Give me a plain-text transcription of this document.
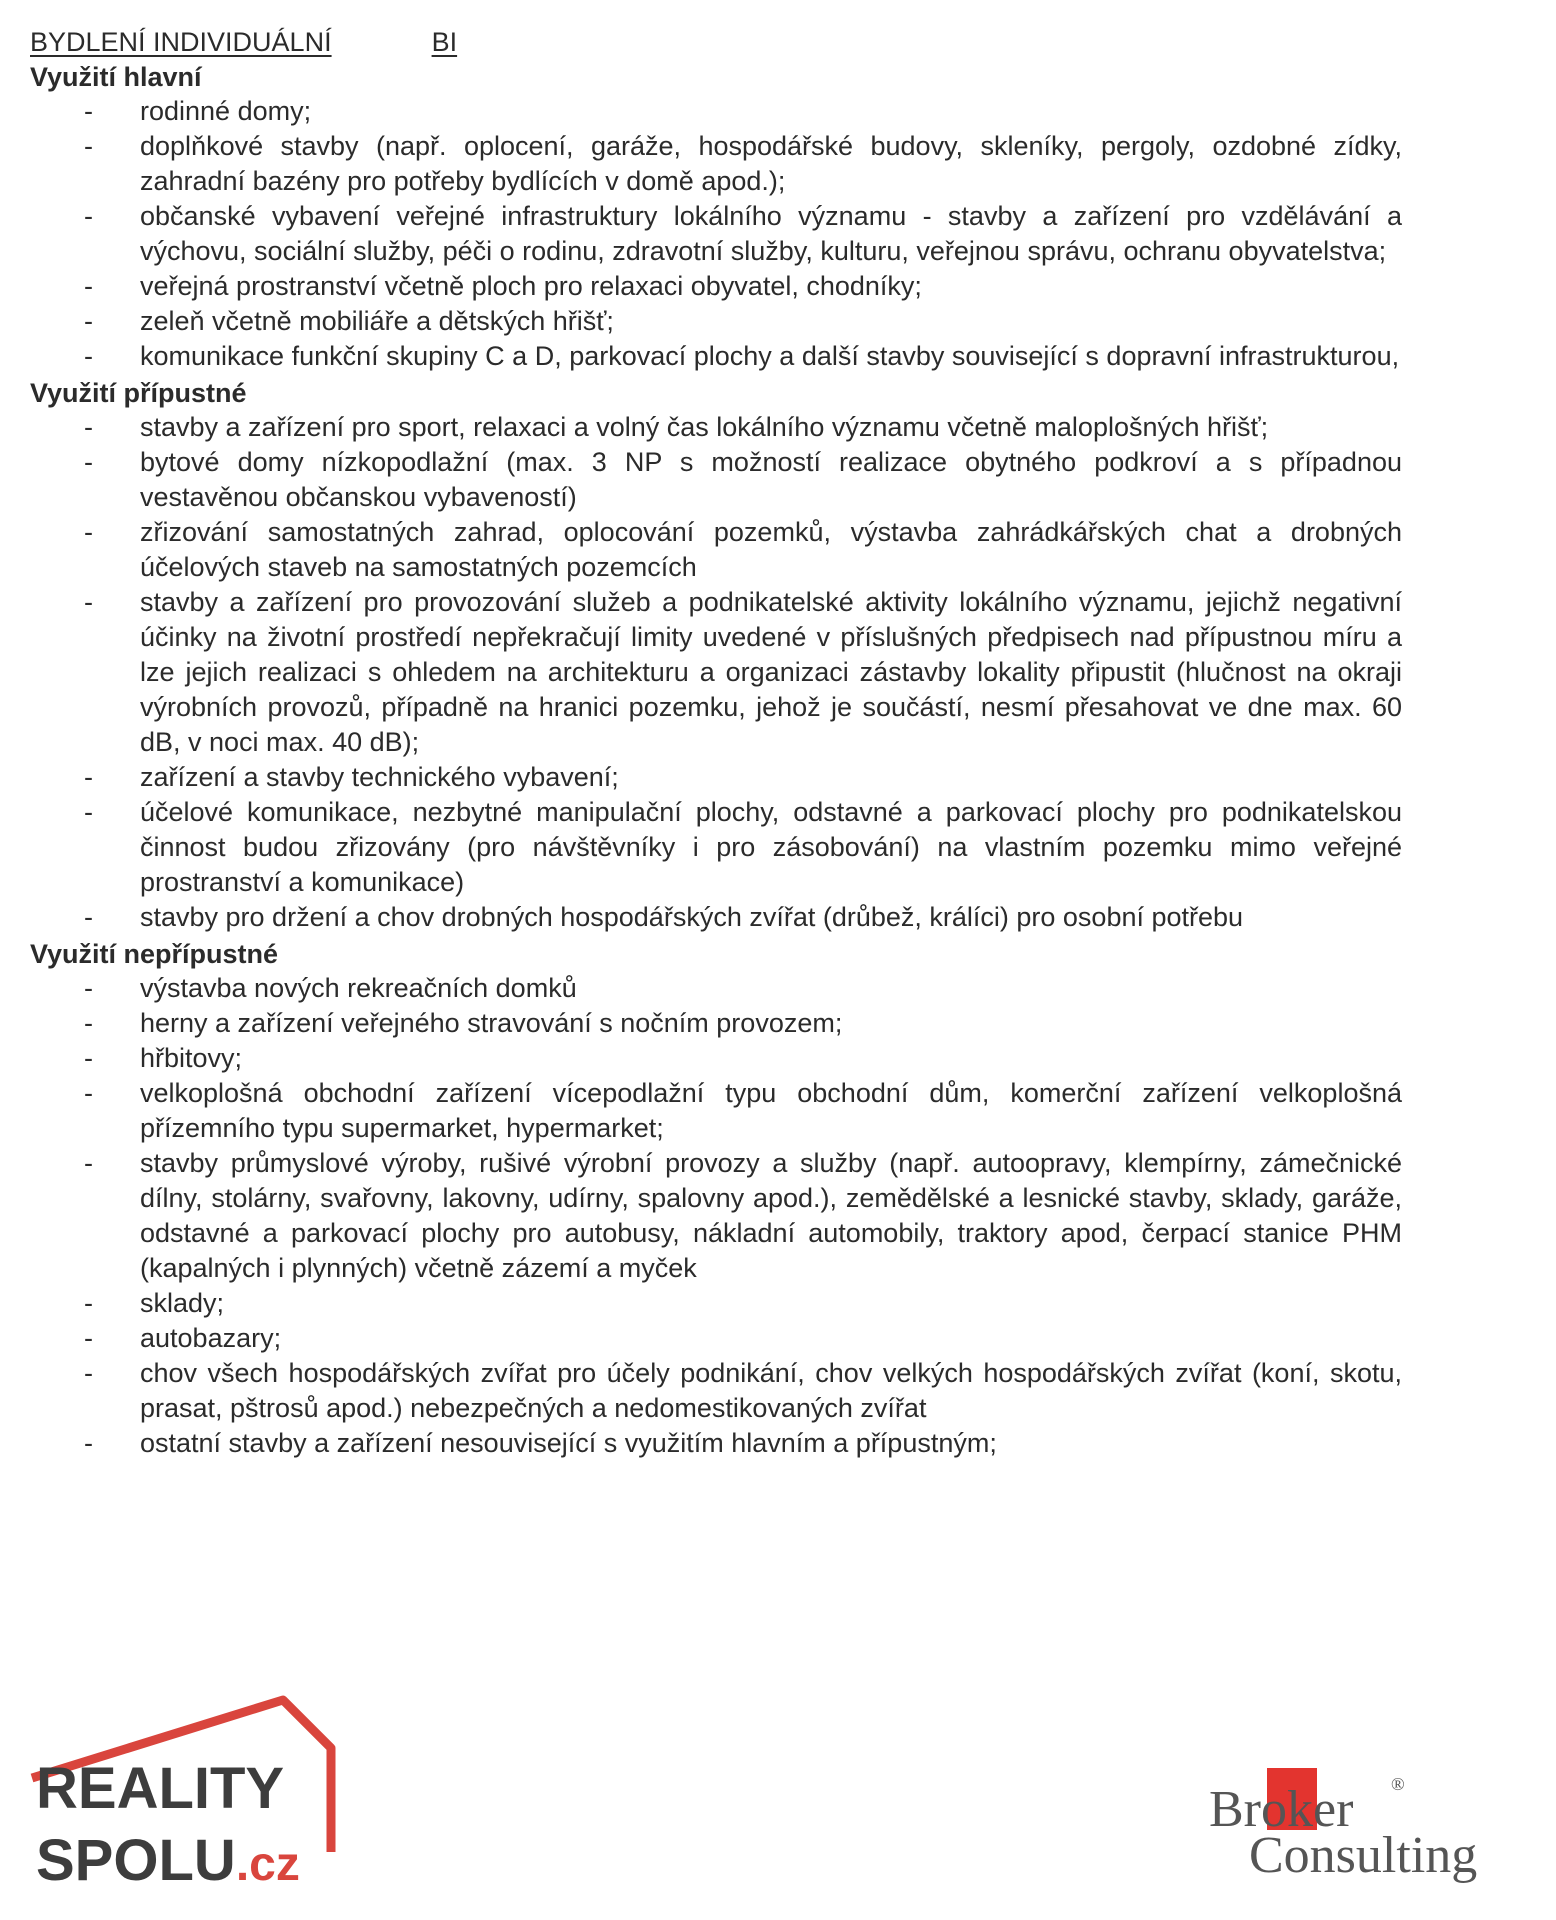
BYDLENÍ INDIVIDUÁLNÍ	BI
Využití hlavní
- rodinné domy;
- doplňkové stavby (např. oplocení, garáže, hospodářské budovy, skleníky, pergoly, ozdobné zídky, zahradní bazény pro potřeby bydlících v domě apod.);
- občanské vybavení veřejné infrastruktury lokálního významu - stavby a zařízení pro vzdělávání a výchovu, sociální služby, péči o rodinu, zdravotní služby, kulturu, veřejnou správu, ochranu obyvatelstva;
- veřejná prostranství včetně ploch pro relaxaci obyvatel, chodníky;
- zeleň včetně mobiliáře a dětských hřišť;
- komunikace funkční skupiny C a D, parkovací plochy a další stavby související s dopravní infrastrukturou,
Využití přípustné
- stavby a zařízení pro sport, relaxaci a volný čas lokálního významu včetně maloplošných hřišť;
- bytové domy nízkopodlažní (max. 3 NP s možností realizace obytného podkroví a s případnou vestavěnou občanskou vybaveností)
- zřizování samostatných zahrad, oplocování pozemků, výstavba zahrádkářských chat a drobných účelových staveb na samostatných pozemcích
- stavby a zařízení pro provozování služeb a podnikatelské aktivity lokálního významu, jejichž negativní účinky na životní prostředí nepřekračují limity uvedené v příslušných předpisech nad přípustnou míru a lze jejich realizaci s ohledem na architekturu a organizaci zástavby lokality připustit (hlučnost na okraji výrobních provozů, případně na hranici pozemku, jehož je součástí, nesmí přesahovat ve dne max. 60 dB, v noci max. 40 dB);
- zařízení a stavby technického vybavení;
- účelové komunikace, nezbytné manipulační plochy, odstavné a parkovací plochy pro podnikatelskou činnost budou zřizovány (pro návštěvníky i pro zásobování) na vlastním pozemku mimo veřejné prostranství a komunikace)
- stavby pro držení a chov drobných hospodářských zvířat (drůbež, králíci) pro osobní potřebu
Využití nepřípustné
- výstavba nových rekreačních domků
- herny a zařízení veřejného stravování s nočním provozem;
- hřbitovy;
- velkoplošná obchodní zařízení vícepodlažní typu obchodní dům, komerční zařízení velkoplošná přízemního typu supermarket, hypermarket;
- stavby průmyslové výroby, rušivé výrobní provozy a služby (např. autoopravy, klempírny, zámečnické dílny, stolárny, svařovny, lakovny, udírny, spalovny apod.), zemědělské a lesnické stavby, sklady, garáže, odstavné a parkovací plochy pro autobusy, nákladní automobily, traktory apod, čerpací stanice PHM (kapalných i plynných) včetně zázemí a myček
- sklady;
- autobazary;
- chov všech hospodářských zvířat pro účely podnikání, chov velkých hospodářských zvířat (koní, skotu, prasat, pštrosů apod.) nebezpečných a nedomestikovaných zvířat
- ostatní stavby a zařízení nesouvisející s využitím hlavním a přípustným;
REALITY
SPOLU.cz
Broker ®
Consulting
